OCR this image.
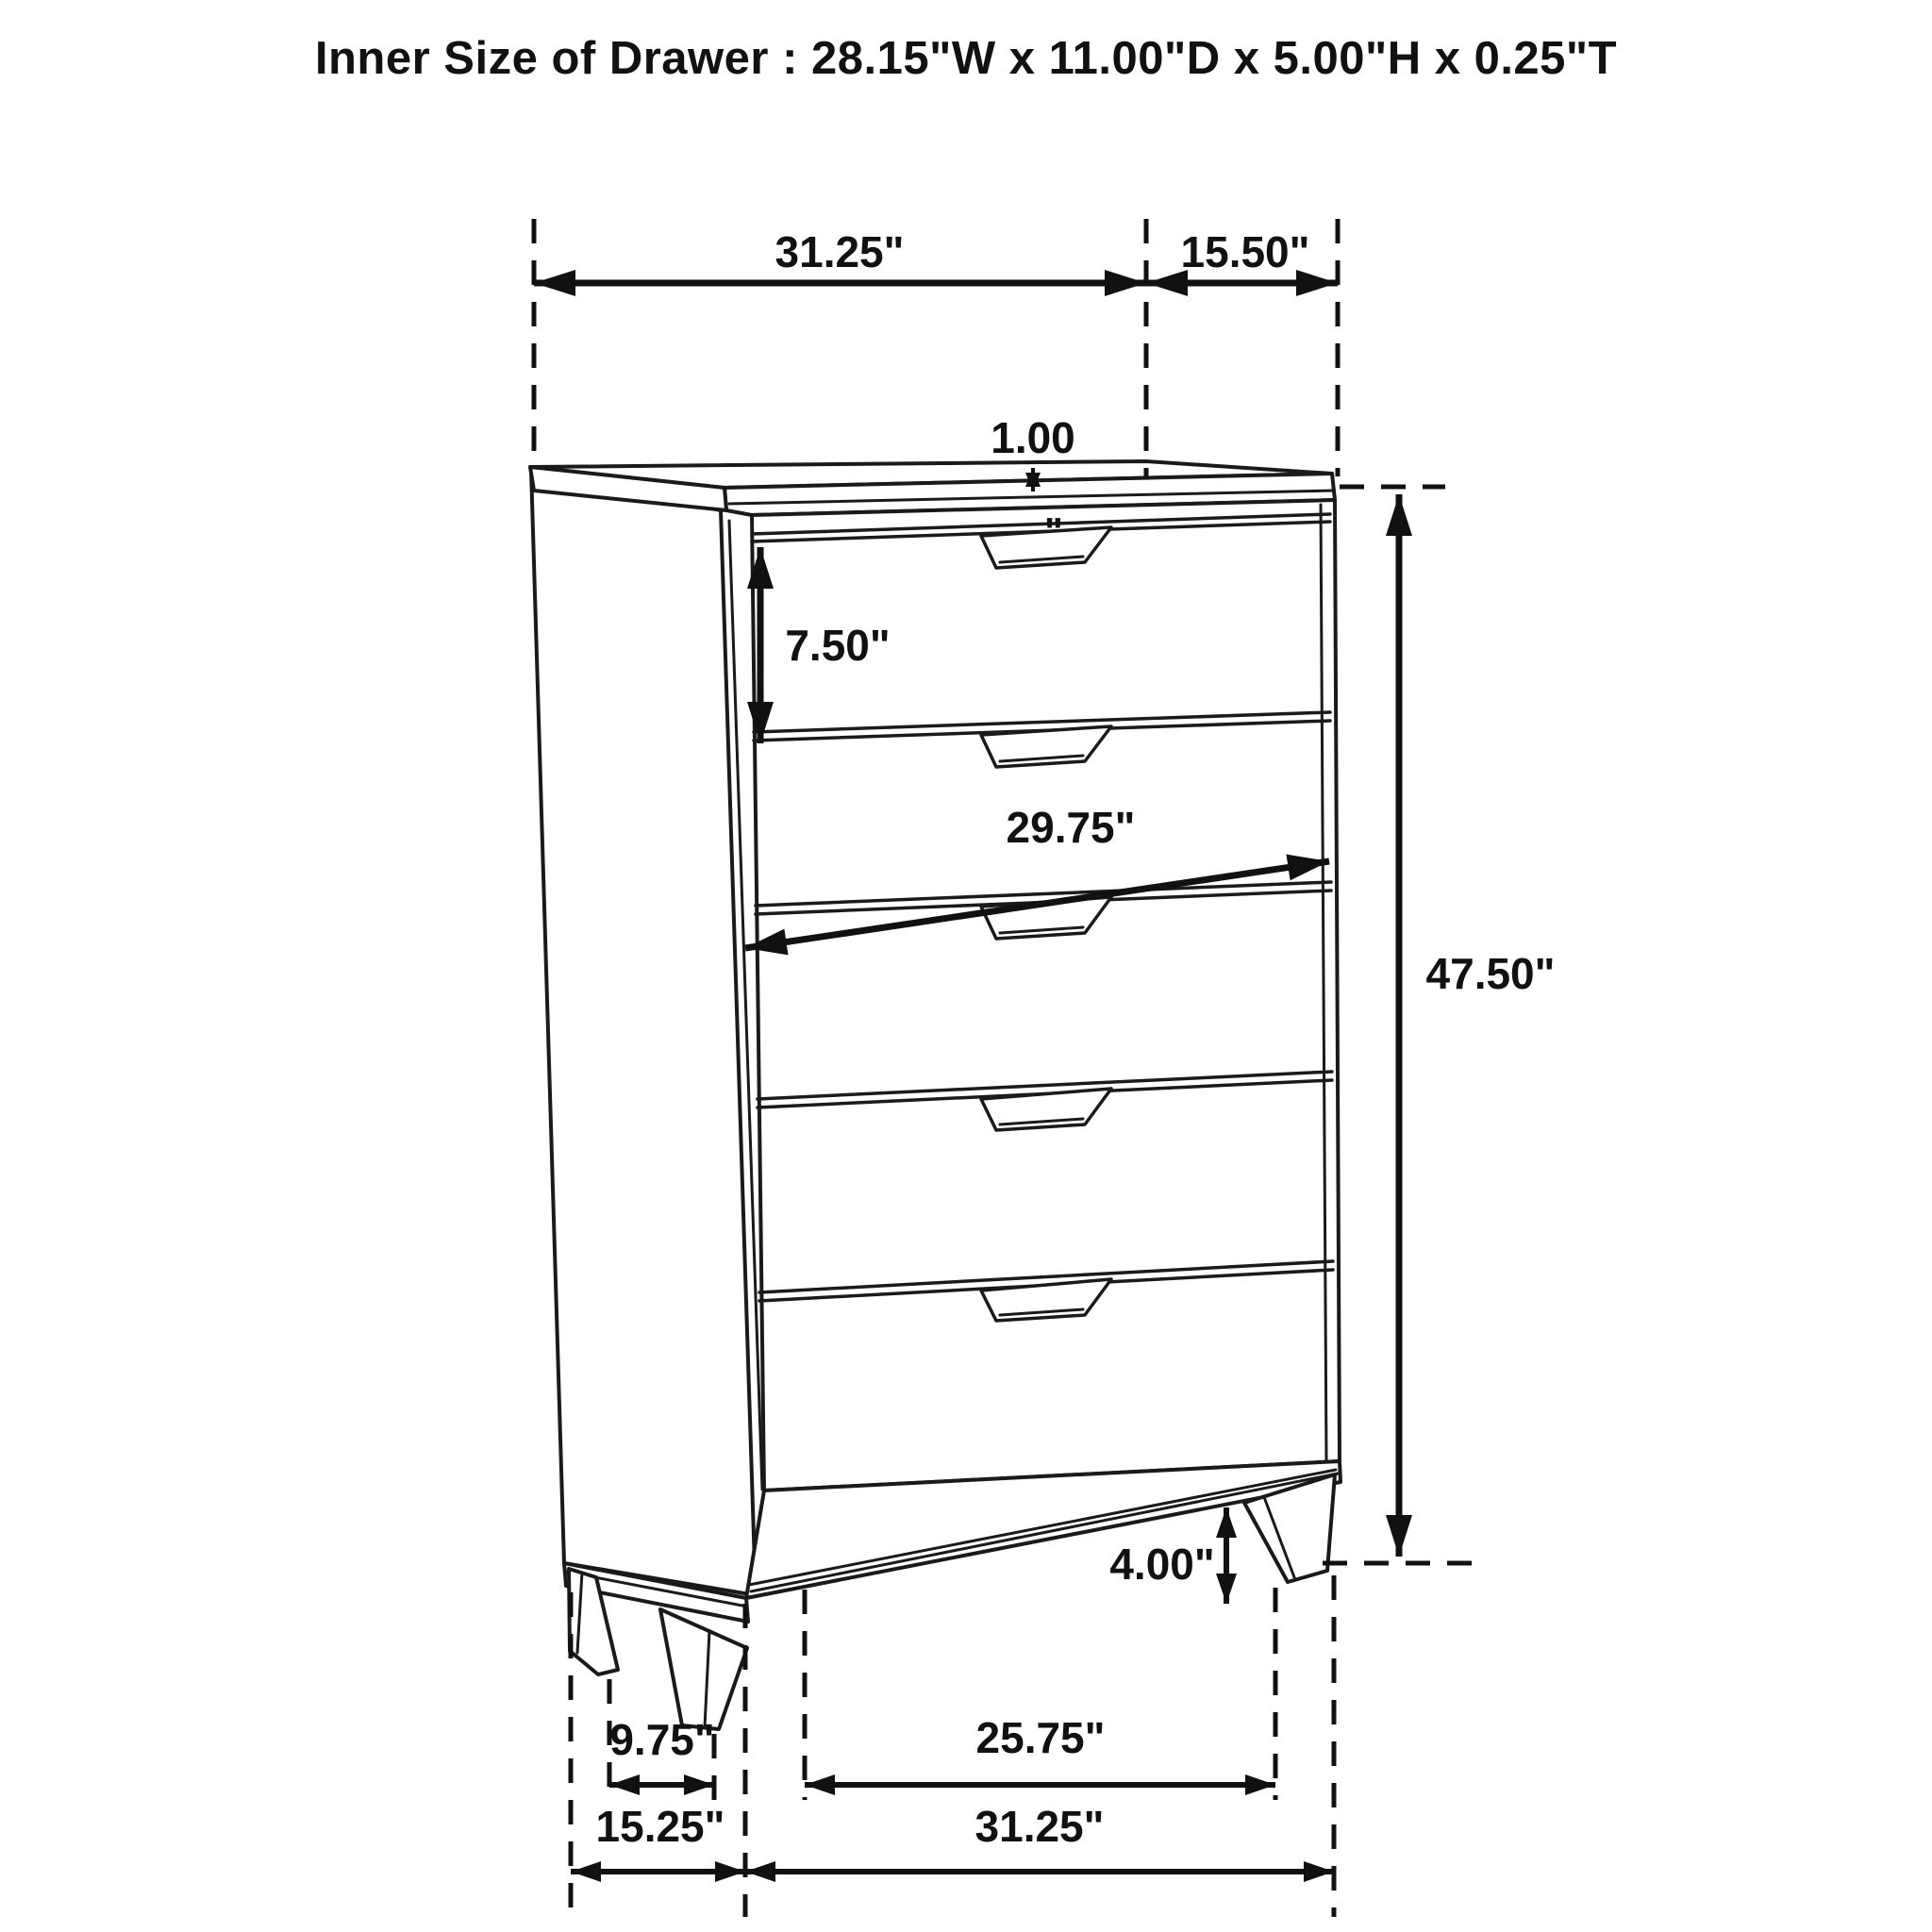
Inner Size of Drawer : 28.15"W x 11.00"D x 5.00"H x 0.25"T
31.25"	15.50"
1.00
"
7.50"
29.75"
47.50"
4.00"
9.75"	25.75"
15.25"	31.25"
